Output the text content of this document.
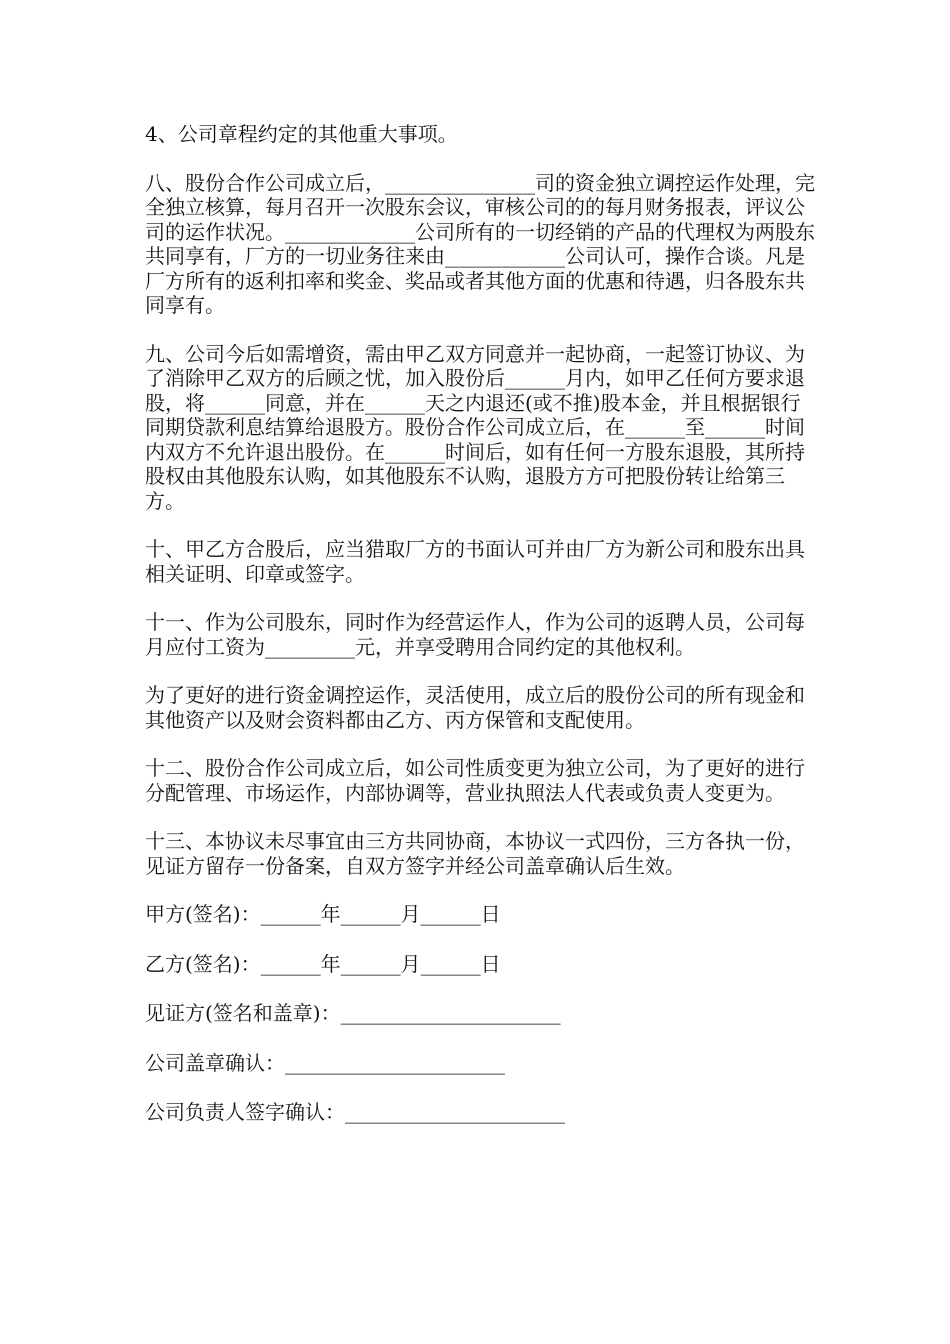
4、公司章程约定的其他重大事项。

八、股份合作公司成立后，_______________司的资金独立调控运作处理，完全独立核算，每月召开一次股东会议，审核公司的的每月财务报表，评议公司的运作状况。_____________公司所有的一切经销的产品的代理权为两股东共同享有，厂方的一切业务往来由____________公司认可，操作合谈。凡是厂方所有的返利扣率和奖金、奖品或者其他方面的优惠和待遇，归各股东共同享有。

九、公司今后如需增资，需由甲乙双方同意并一起协商，一起签订协议、为了消除甲乙双方的后顾之忧，加入股份后______月内，如甲乙任何方要求退股，将______同意，并在______天之内退还(或不推)股本金，并且根据银行同期贷款利息结算给退股方。股份合作公司成立后，在______至______时间内双方不允许退出股份。在______时间后，如有任何一方股东退股，其所持股权由其他股东认购，如其他股东不认购，退股方方可把股份转让给第三方。

十、甲乙方合股后，应当猎取厂方的书面认可并由厂方为新公司和股东出具相关证明、印章或签字。

十一、作为公司股东，同时作为经营运作人，作为公司的返聘人员，公司每月应付工资为_________元，并享受聘用合同约定的其他权利。

为了更好的进行资金调控运作，灵活使用，成立后的股份公司的所有现金和其他资产以及财会资料都由乙方、丙方保管和支配使用。

十二、股份合作公司成立后，如公司性质变更为独立公司，为了更好的进行分配管理、市场运作，内部协调等，营业执照法人代表或负责人变更为。

十三、本协议未尽事宜由三方共同协商，本协议一式四份，三方各执一份，见证方留存一份备案，自双方签字并经公司盖章确认后生效。

甲方(签名)：______年______月______日

乙方(签名)：______年______月______日

见证方(签名和盖章)：______________________

公司盖章确认：______________________

公司负责人签字确认：______________________
